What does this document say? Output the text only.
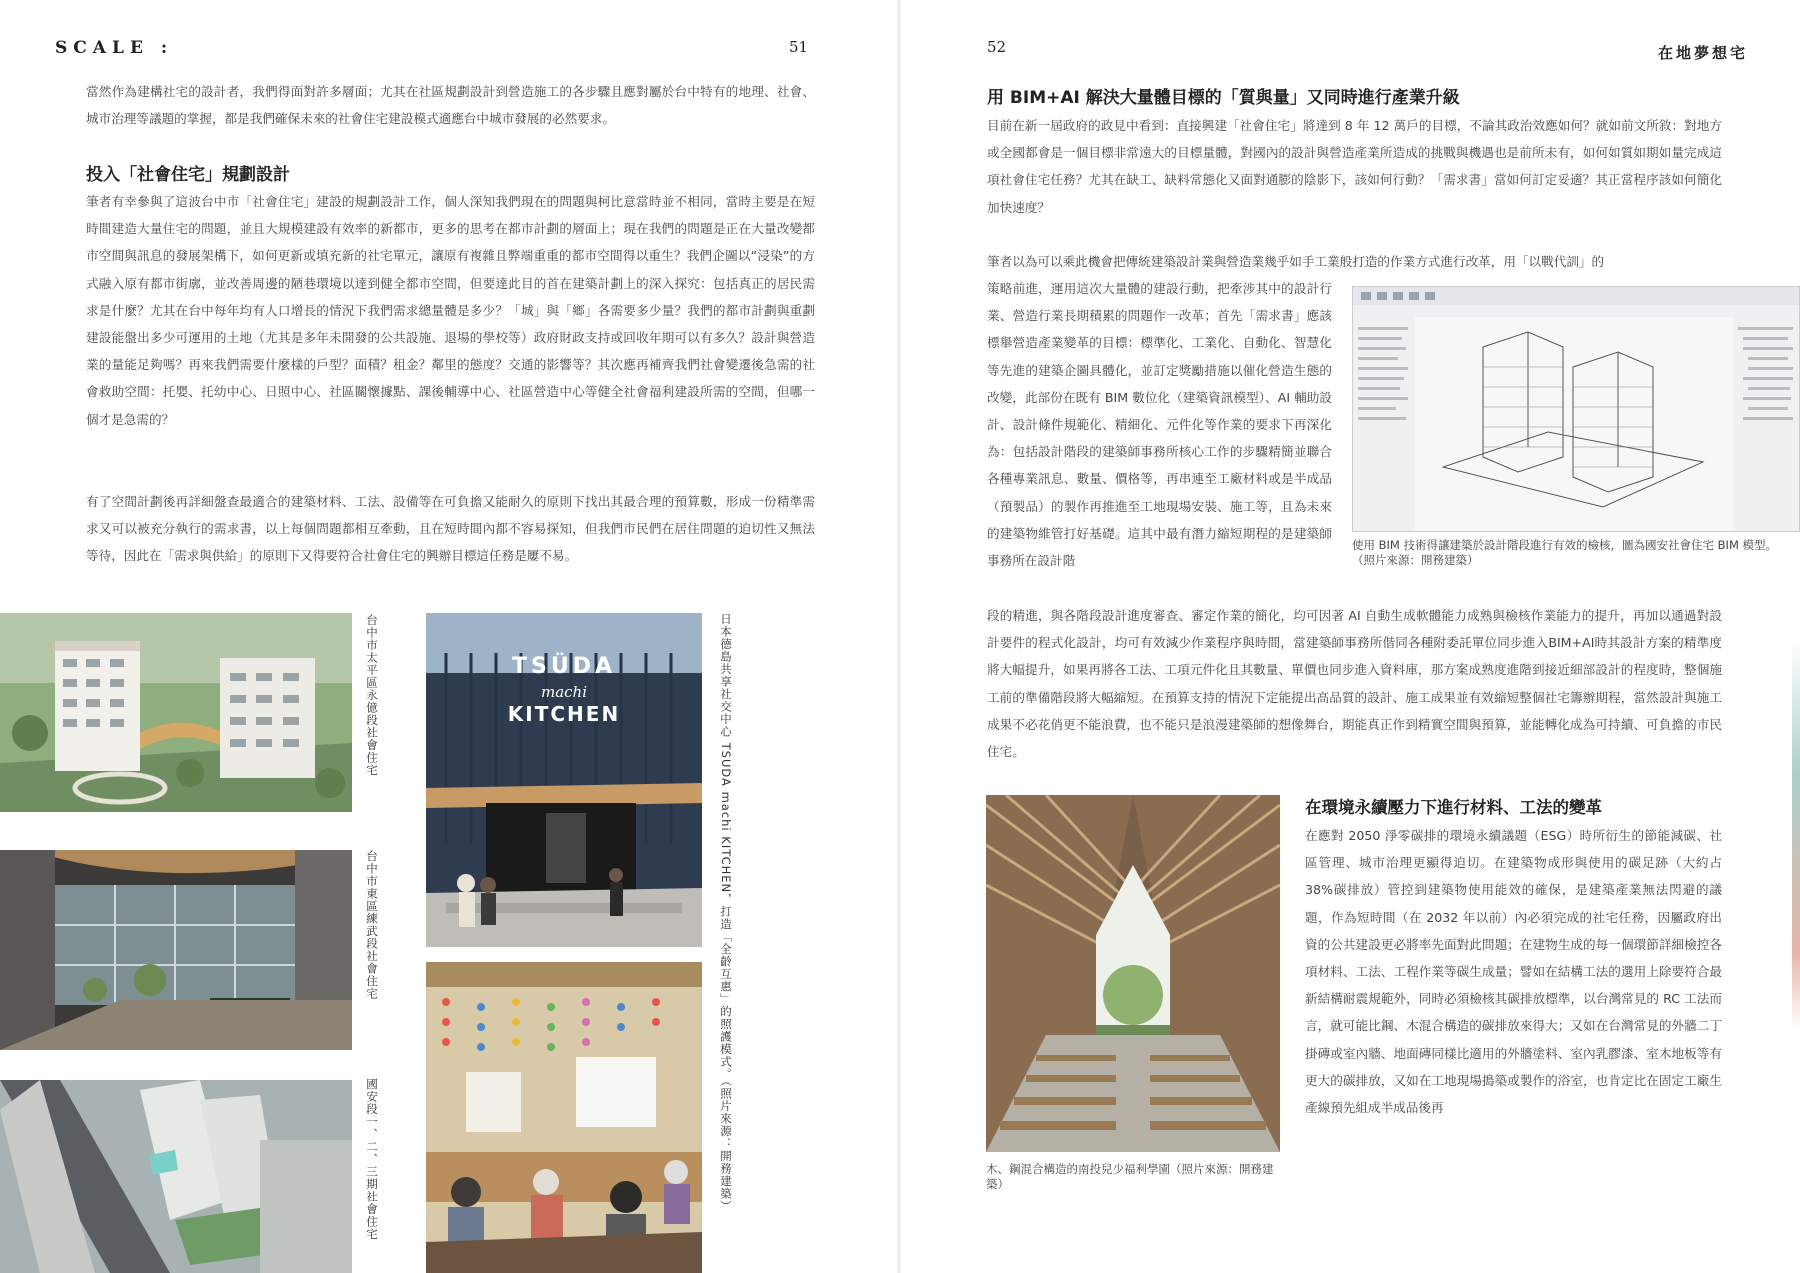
SCALE :	51

當然作為建構社宅的設計者，我們得面對許多層面；尤其在社區規劃設計到營造施工的各步驟且應對屬於台中特有的地理、社會、城市治理等議題的掌握，都是我們確保未來的社會住宅建設模式適應台中城市發展的必然要求。

投入「社會住宅」規劃設計

筆者有幸參與了這波台中市「社會住宅」建設的規劃設計工作，個人深知我們現在的問題與柯比意當時並不相同，當時主要是在短時間建造大量住宅的問題，並且大規模建設有效率的新都市，更多的思考在都市計劃的層面上；現在我們的問題是正在大量改變都市空間與訊息的發展架構下，如何更新或填充新的社宅單元，讓原有複雜且弊端重重的都市空間得以重生？我們企圖以“浸染”的方式融入原有都市街廓，並改善周邊的陋巷環境以達到健全都市空間，但要達此目的首在建築計劃上的深入探究：包括真正的居民需求是什麼？尤其在台中每年均有人口增長的情況下我們需求總量體是多少？「城」與「鄉」各需要多少量？我們的都市計劃與重劃建設能盤出多少可運用的土地（尤其是多年未開發的公共設施、退場的學校等）政府財政支持或回收年期可以有多久？設計與營造業的量能足夠嗎？再來我們需要什麼樣的戶型？面積？租金？鄰里的態度？交通的影響等？其次應再補齊我們社會變遷後急需的社會救助空間：托嬰、托幼中心、日照中心、社區關懷據點、課後輔導中心、社區營造中心等健全社會福利建設所需的空間，但哪一個才是急需的？

有了空間計劃後再詳細盤查最適合的建築材料、工法、設備等在可負擔又能耐久的原則下找出其最合理的預算數，形成一份精準需求又可以被充分執行的需求書，以上每個問題都相互牽動，且在短時間內都不容易探知，但我們市民們在居住問題的迫切性又無法等待，因此在「需求與供給」的原則下又得要符合社會住宅的興辦目標這任務是屢不易。

台中市太平區永億段社會住宅
台中市東區練武段社會住宅
國安段一、二、三期社會住宅
TSÜDA
machi
KITCHEN	日本德島共享社交中心 TSUDA machi KITCHEN，打造「全齡互惠」的照護模式。（照片來源：開務建築）
52	在地夢想宅
用 BIM+AI 解決大量體目標的「質與量」又同時進行產業升級

目前在新一屆政府的政見中看到：直接興建「社會住宅」將達到 8 年 12 萬戶的目標，不論其政治效應如何？就如前文所敘：對地方或全國都會是一個目標非常遠大的目標量體，對國內的設計與營造產業所造成的挑戰與機遇也是前所未有，如何如質如期如量完成這項社會住宅任務？尤其在缺工、缺料常態化又面對通膨的陰影下，該如何行動？「需求書」當如何訂定妥適？其正當程序該如何簡化加快速度？

筆者以為可以乘此機會把傳統建築設計業與營造業幾乎如手工業般打造的作業方式進行改革，用「以戰代訓」的

策略前進，運用這次大量體的建設行動，把牽涉其中的設計行業、營造行業長期積累的問題作一改革；首先「需求書」應該標舉營造產業變革的目標：標準化、工業化、自動化、智慧化等先進的建築企圖具體化，並訂定獎勵措施以催化營造生態的改變，此部份在既有 BIM 數位化（建築資訊模型）、AI 輔助設計、設計條件規範化、精細化、元件化等作業的要求下再深化為：包括設計階段的建築師事務所核心工作的步驟精簡並聯合各種專業訊息、數量、價格等，再串連至工廠材料或是半成品（預製品）的製作再推進至工地現場安裝、施工等，且為未來的建築物維管打好基礎。這其中最有潛力縮短期程的是建築師事務所在設計階

段的精進，與各階段設計進度審查、審定作業的簡化，均可因著 AI 自動生成軟體能力成熟與檢核作業能力的提升，再加以通過對設計要件的程式化設計，均可有效減少作業程序與時間，當建築師事務所偕同各種附委託單位同步進入BIM+AI時其設計方案的精準度將大幅提升，如果再將各工法、工項元件化且其數量、單價也同步進入資料庫，那方案成熟度進階到接近細部設計的程度時，整個施工前的準備階段將大幅縮短。在預算支持的情況下定能提出高品質的設計、施工成果並有效縮短整個社宅籌辦期程，當然設計與施工成果不必花俏更不能浪費，也不能只是浪漫建築師的想像舞台，期能真正作到精實空間與預算，並能轉化成為可持續、可負擔的市民住宅。

使用 BIM 技術得讓建築於設計階段進行有效的檢核，圖為國安社會住宅 BIM 模型。（照片來源：開務建築）

木、鋼混合構造的南投兒少福利學園（照片來源：開務建築）

在環境永續壓力下進行材料、工法的變革

在應對 2050 淨零碳排的環境永續議題（ESG）時所衍生的節能減碳、社區管理、城市治理更顯得迫切。在建築物成形與使用的碳足跡（大約占 38%碳排放）管控到建築物使用能效的確保，是建築產業無法閃避的議題，作為短時間（在 2032 年以前）內必須完成的社宅任務，因屬政府出資的公共建設更必將率先面對此問題；在建物生成的每一個環節詳細檢控各項材料、工法、工程作業等碳生成量；譬如在結構工法的選用上除要符合最新結構耐震規範外，同時必須檢核其碳排放標準，以台灣常見的 RC 工法而言，就可能比鋼、木混合構造的碳排放來得大；又如在台灣常見的外牆二丁掛磚或室內牆、地面磚同樣比適用的外牆塗料、室內乳膠漆、室木地板等有更大的碳排放，又如在工地現場搗築或製作的浴室，也肯定比在固定工廠生產線預先組成半成品後再
